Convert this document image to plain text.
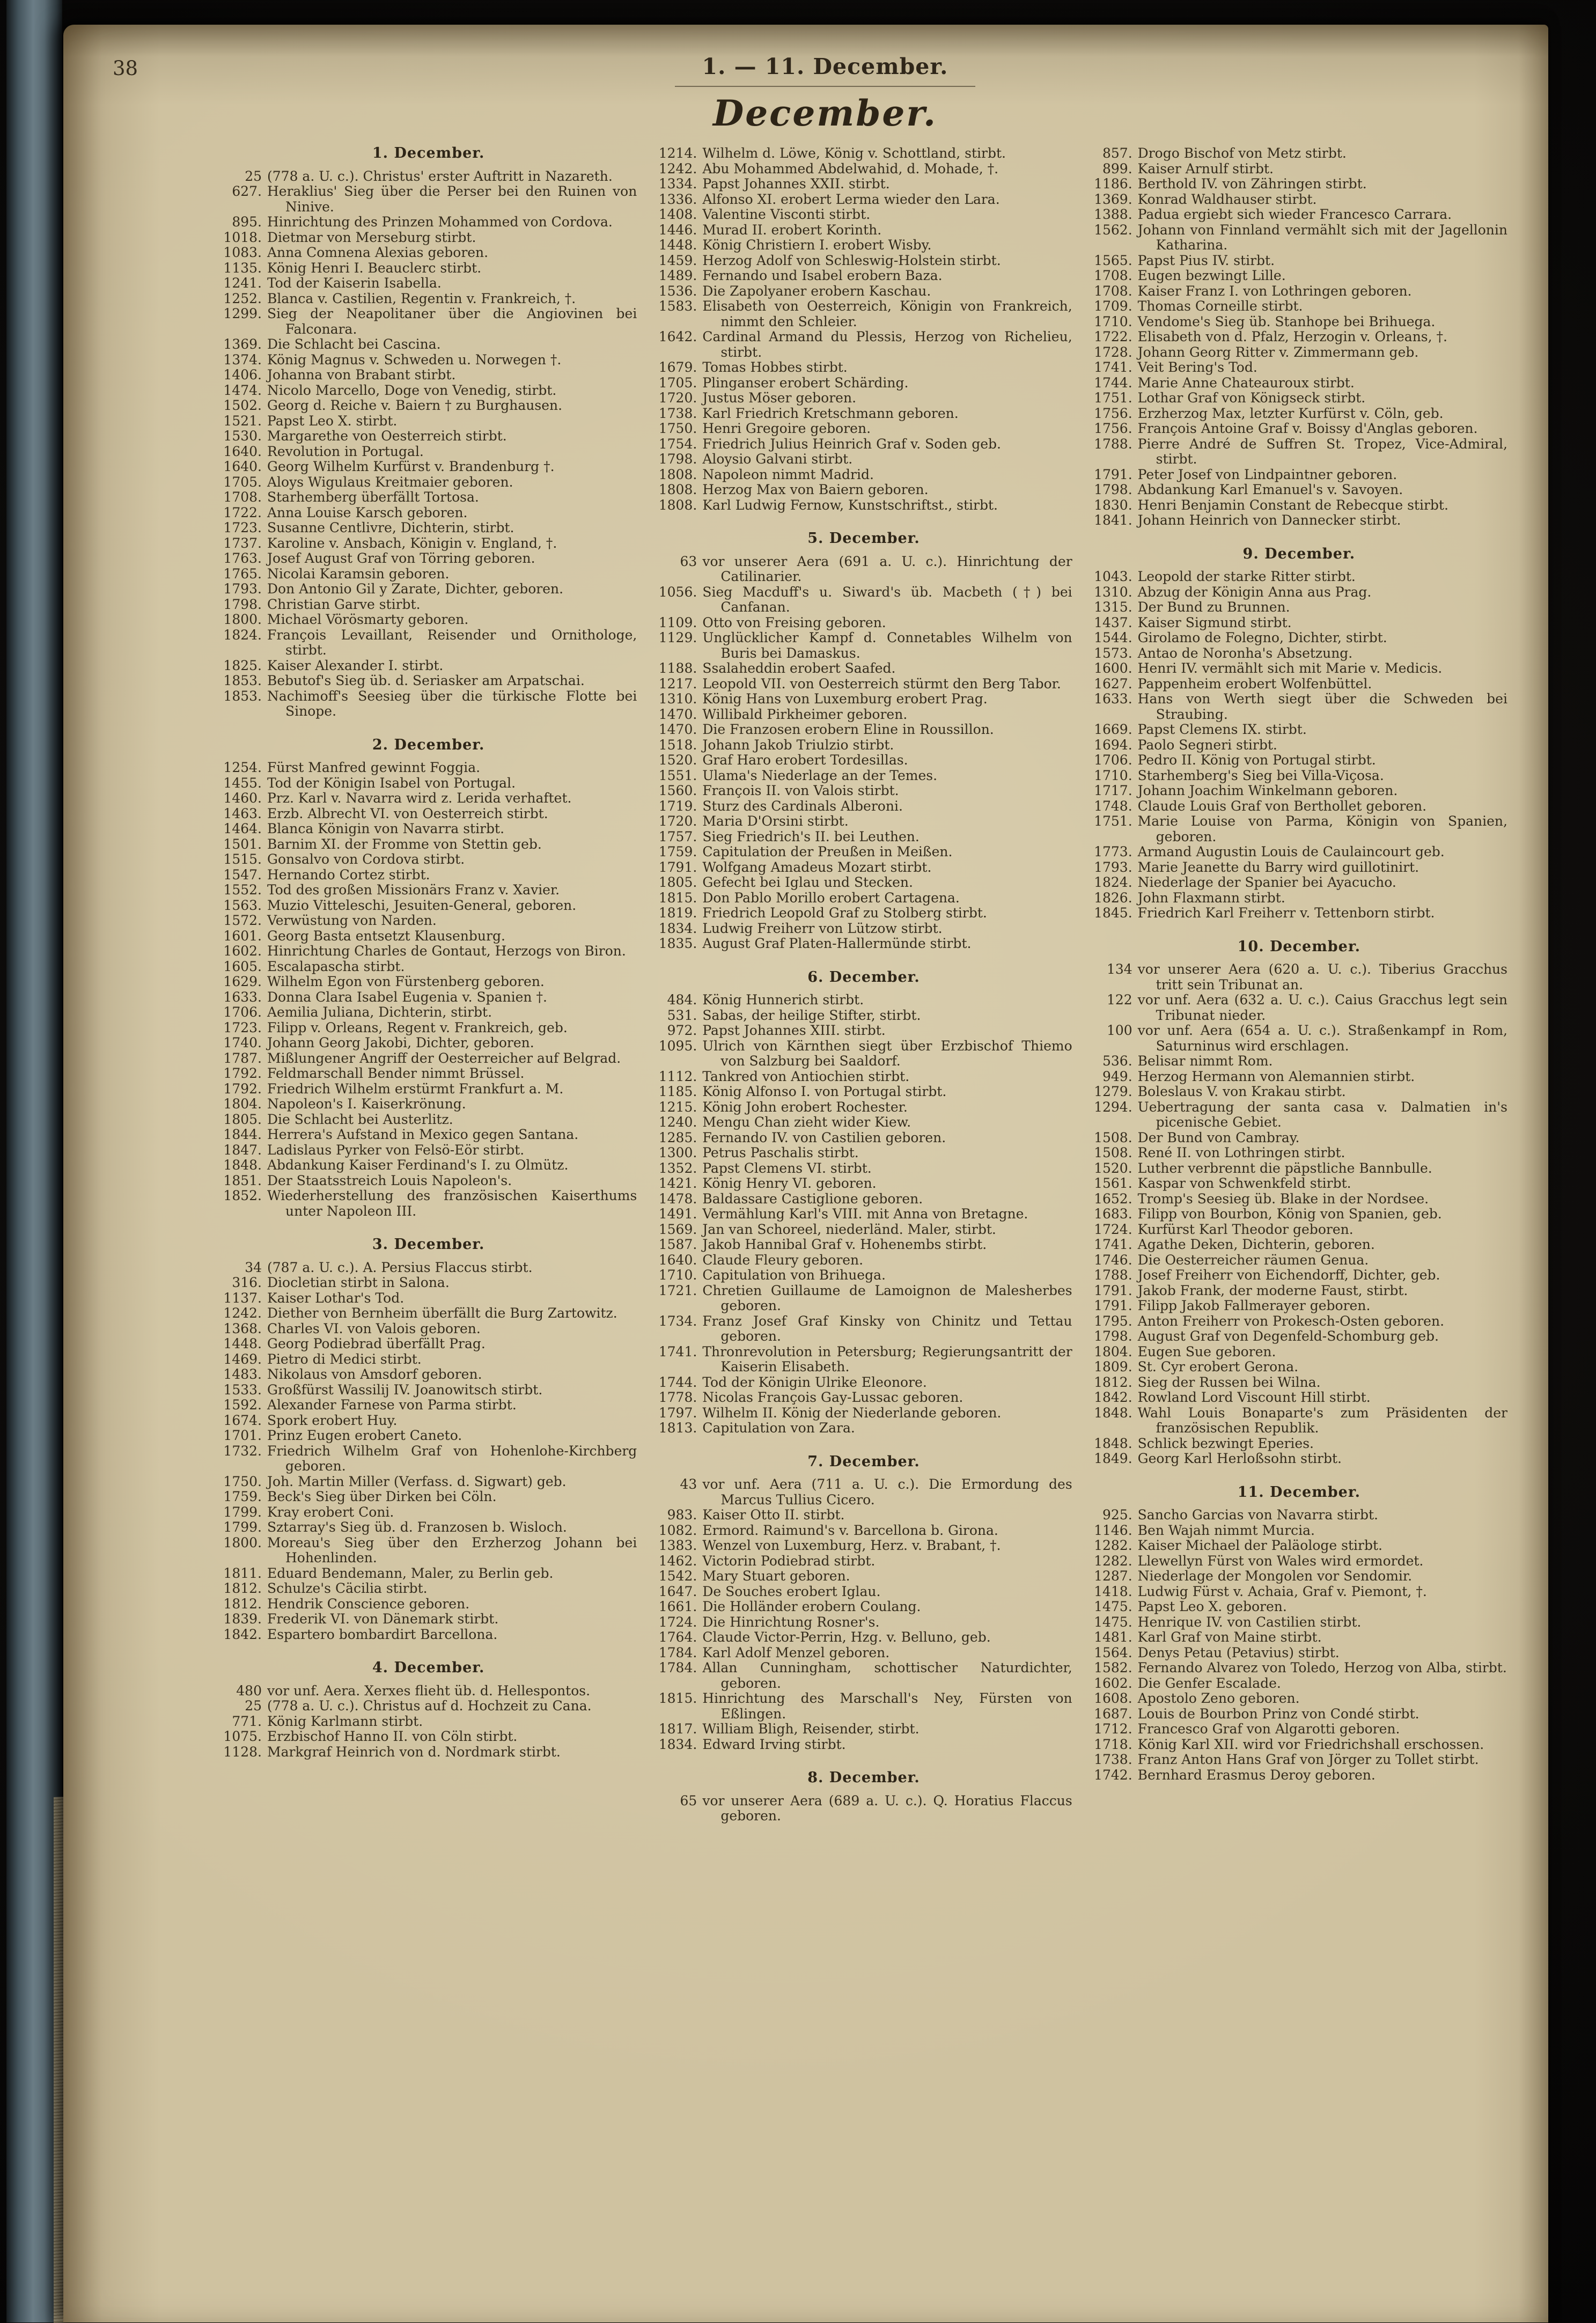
38	1. — 11. December.
December.
1. December.
25 (778 a. U. c.). Christus' erster Auftritt in Nazareth.
627. Heraklius' Sieg über die Perser bei den Ruinen von Ninive.
895. Hinrichtung des Prinzen Mohammed von Cordova.
1018. Dietmar von Merseburg stirbt.
1083. Anna Comnena Alexias geboren.
1135. König Henri I. Beauclerc stirbt.
1241. Tod der Kaiserin Isabella.
1252. Blanca v. Castilien, Regentin v. Frankreich, †.
1299. Sieg der Neapolitaner über die Angiovinen bei Falconara.
1369. Die Schlacht bei Cascina.
1374. König Magnus v. Schweden u. Norwegen †.
1406. Johanna von Brabant stirbt.
1474. Nicolo Marcello, Doge von Venedig, stirbt.
1502. Georg d. Reiche v. Baiern † zu Burghausen.
1521. Papst Leo X. stirbt.
1530. Margarethe von Oesterreich stirbt.
1640. Revolution in Portugal.
1640. Georg Wilhelm Kurfürst v. Brandenburg †.
1705. Aloys Wigulaus Kreitmaier geboren.
1708. Starhemberg überfällt Tortosa.
1722. Anna Louise Karsch geboren.
1723. Susanne Centlivre, Dichterin, stirbt.
1737. Karoline v. Ansbach, Königin v. England, †.
1763. Josef August Graf von Törring geboren.
1765. Nicolai Karamsin geboren.
1793. Don Antonio Gil y Zarate, Dichter, geboren.
1798. Christian Garve stirbt.
1800. Michael Vörösmarty geboren.
1824. François Levaillant, Reisender und Ornithologe, stirbt.
1825. Kaiser Alexander I. stirbt.
1853. Bebutof's Sieg üb. d. Seriasker am Arpatschai.
1853. Nachimoff's Seesieg über die türkische Flotte bei Sinope.
2. December.
1254. Fürst Manfred gewinnt Foggia.
1455. Tod der Königin Isabel von Portugal.
1460. Prz. Karl v. Navarra wird z. Lerida verhaftet.
1463. Erzb. Albrecht VI. von Oesterreich stirbt.
1464. Blanca Königin von Navarra stirbt.
1501. Barnim XI. der Fromme von Stettin geb.
1515. Gonsalvo von Cordova stirbt.
1547. Hernando Cortez stirbt.
1552. Tod des großen Missionärs Franz v. Xavier.
1563. Muzio Vitteleschi, Jesuiten-General, geboren.
1572. Verwüstung von Narden.
1601. Georg Basta entsetzt Klausenburg.
1602. Hinrichtung Charles de Gontaut, Herzogs von Biron.
1605. Escalapascha stirbt.
1629. Wilhelm Egon von Fürstenberg geboren.
1633. Donna Clara Isabel Eugenia v. Spanien †.
1706. Aemilia Juliana, Dichterin, stirbt.
1723. Filipp v. Orleans, Regent v. Frankreich, geb.
1740. Johann Georg Jakobi, Dichter, geboren.
1787. Mißlungener Angriff der Oesterreicher auf Belgrad.
1792. Feldmarschall Bender nimmt Brüssel.
1792. Friedrich Wilhelm erstürmt Frankfurt a. M.
1804. Napoleon's I. Kaiserkrönung.
1805. Die Schlacht bei Austerlitz.
1844. Herrera's Aufstand in Mexico gegen Santana.
1847. Ladislaus Pyrker von Felsö-Eör stirbt.
1848. Abdankung Kaiser Ferdinand's I. zu Olmütz.
1851. Der Staatsstreich Louis Napoleon's.
1852. Wiederherstellung des französischen Kaiserthums unter Napoleon III.
3. December.
34 (787 a. U. c.). A. Persius Flaccus stirbt.
316. Diocletian stirbt in Salona.
1137. Kaiser Lothar's Tod.
1242. Diether von Bernheim überfällt die Burg Zartowitz.
1368. Charles VI. von Valois geboren.
1448. Georg Podiebrad überfällt Prag.
1469. Pietro di Medici stirbt.
1483. Nikolaus von Amsdorf geboren.
1533. Großfürst Wassilij IV. Joanowitsch stirbt.
1592. Alexander Farnese von Parma stirbt.
1674. Spork erobert Huy.
1701. Prinz Eugen erobert Caneto.
1732. Friedrich Wilhelm Graf von Hohenlohe-Kirchberg geboren.
1750. Joh. Martin Miller (Verfass. d. Sigwart) geb.
1759. Beck's Sieg über Dirken bei Cöln.
1799. Kray erobert Coni.
1799. Sztarray's Sieg üb. d. Franzosen b. Wisloch.
1800. Moreau's Sieg über den Erzherzog Johann bei Hohenlinden.
1811. Eduard Bendemann, Maler, zu Berlin geb.
1812. Schulze's Cäcilia stirbt.
1812. Hendrik Conscience geboren.
1839. Frederik VI. von Dänemark stirbt.
1842. Espartero bombardirt Barcellona.
4. December.
480 vor unf. Aera. Xerxes flieht üb. d. Hellespontos.
25 (778 a. U. c.). Christus auf d. Hochzeit zu Cana.
771. König Karlmann stirbt.
1075. Erzbischof Hanno II. von Cöln stirbt.
1128. Markgraf Heinrich von d. Nordmark stirbt.
1214. Wilhelm d. Löwe, König v. Schottland, stirbt.
1242. Abu Mohammed Abdelwahid, d. Mohade, †.
1334. Papst Johannes XXII. stirbt.
1336. Alfonso XI. erobert Lerma wieder den Lara.
1408. Valentine Visconti stirbt.
1446. Murad II. erobert Korinth.
1448. König Christiern I. erobert Wisby.
1459. Herzog Adolf von Schleswig-Holstein stirbt.
1489. Fernando und Isabel erobern Baza.
1536. Die Zapolyaner erobern Kaschau.
1583. Elisabeth von Oesterreich, Königin von Frankreich, nimmt den Schleier.
1642. Cardinal Armand du Plessis, Herzog von Richelieu, stirbt.
1679. Tomas Hobbes stirbt.
1705. Plinganser erobert Schärding.
1720. Justus Möser geboren.
1738. Karl Friedrich Kretschmann geboren.
1750. Henri Gregoire geboren.
1754. Friedrich Julius Heinrich Graf v. Soden geb.
1798. Aloysio Galvani stirbt.
1808. Napoleon nimmt Madrid.
1808. Herzog Max von Baiern geboren.
1808. Karl Ludwig Fernow, Kunstschriftst., stirbt.
5. December.
63 vor unserer Aera (691 a. U. c.). Hinrichtung der Catilinarier.
1056. Sieg Macduff's u. Siward's üb. Macbeth (†) bei Canfanan.
1109. Otto von Freising geboren.
1129. Unglücklicher Kampf d. Connetables Wilhelm von Buris bei Damaskus.
1188. Ssalaheddin erobert Saafed.
1217. Leopold VII. von Oesterreich stürmt den Berg Tabor.
1310. König Hans von Luxemburg erobert Prag.
1470. Willibald Pirkheimer geboren.
1470. Die Franzosen erobern Eline in Roussillon.
1518. Johann Jakob Triulzio stirbt.
1520. Graf Haro erobert Tordesillas.
1551. Ulama's Niederlage an der Temes.
1560. François II. von Valois stirbt.
1719. Sturz des Cardinals Alberoni.
1720. Maria D'Orsini stirbt.
1757. Sieg Friedrich's II. bei Leuthen.
1759. Capitulation der Preußen in Meißen.
1791. Wolfgang Amadeus Mozart stirbt.
1805. Gefecht bei Iglau und Stecken.
1815. Don Pablo Morillo erobert Cartagena.
1819. Friedrich Leopold Graf zu Stolberg stirbt.
1834. Ludwig Freiherr von Lützow stirbt.
1835. August Graf Platen-Hallermünde stirbt.
6. December.
484. König Hunnerich stirbt.
531. Sabas, der heilige Stifter, stirbt.
972. Papst Johannes XIII. stirbt.
1095. Ulrich von Kärnthen siegt über Erzbischof Thiemo von Salzburg bei Saaldorf.
1112. Tankred von Antiochien stirbt.
1185. König Alfonso I. von Portugal stirbt.
1215. König John erobert Rochester.
1240. Mengu Chan zieht wider Kiew.
1285. Fernando IV. von Castilien geboren.
1300. Petrus Paschalis stirbt.
1352. Papst Clemens VI. stirbt.
1421. König Henry VI. geboren.
1478. Baldassare Castiglione geboren.
1491. Vermählung Karl's VIII. mit Anna von Bretagne.
1569. Jan van Schoreel, niederländ. Maler, stirbt.
1587. Jakob Hannibal Graf v. Hohenembs stirbt.
1640. Claude Fleury geboren.
1710. Capitulation von Brihuega.
1721. Chretien Guillaume de Lamoignon de Malesherbes geboren.
1734. Franz Josef Graf Kinsky von Chinitz und Tettau geboren.
1741. Thronrevolution in Petersburg; Regierungsantritt der Kaiserin Elisabeth.
1744. Tod der Königin Ulrike Eleonore.
1778. Nicolas François Gay-Lussac geboren.
1797. Wilhelm II. König der Niederlande geboren.
1813. Capitulation von Zara.
7. December.
43 vor unf. Aera (711 a. U. c.). Die Ermordung des Marcus Tullius Cicero.
983. Kaiser Otto II. stirbt.
1082. Ermord. Raimund's v. Barcellona b. Girona.
1383. Wenzel von Luxemburg, Herz. v. Brabant, †.
1462. Victorin Podiebrad stirbt.
1542. Mary Stuart geboren.
1647. De Souches erobert Iglau.
1661. Die Holländer erobern Coulang.
1724. Die Hinrichtung Rosner's.
1764. Claude Victor-Perrin, Hzg. v. Belluno, geb.
1784. Karl Adolf Menzel geboren.
1784. Allan Cunningham, schottischer Naturdichter, geboren.
1815. Hinrichtung des Marschall's Ney, Fürsten von Eßlingen.
1817. William Bligh, Reisender, stirbt.
1834. Edward Irving stirbt.
8. December.
65 vor unserer Aera (689 a. U. c.). Q. Horatius Flaccus geboren.
857. Drogo Bischof von Metz stirbt.
899. Kaiser Arnulf stirbt.
1186. Berthold IV. von Zähringen stirbt.
1369. Konrad Waldhauser stirbt.
1388. Padua ergiebt sich wieder Francesco Carrara.
1562. Johann von Finnland vermählt sich mit der Jagellonin Katharina.
1565. Papst Pius IV. stirbt.
1708. Eugen bezwingt Lille.
1708. Kaiser Franz I. von Lothringen geboren.
1709. Thomas Corneille stirbt.
1710. Vendome's Sieg üb. Stanhope bei Brihuega.
1722. Elisabeth von d. Pfalz, Herzogin v. Orleans, †.
1728. Johann Georg Ritter v. Zimmermann geb.
1741. Veit Bering's Tod.
1744. Marie Anne Chateauroux stirbt.
1751. Lothar Graf von Königseck stirbt.
1756. Erzherzog Max, letzter Kurfürst v. Cöln, geb.
1756. François Antoine Graf v. Boissy d'Anglas geboren.
1788. Pierre André de Suffren St. Tropez, Vice-Admiral, stirbt.
1791. Peter Josef von Lindpaintner geboren.
1798. Abdankung Karl Emanuel's v. Savoyen.
1830. Henri Benjamin Constant de Rebecque stirbt.
1841. Johann Heinrich von Dannecker stirbt.
9. December.
1043. Leopold der starke Ritter stirbt.
1310. Abzug der Königin Anna aus Prag.
1315. Der Bund zu Brunnen.
1437. Kaiser Sigmund stirbt.
1544. Girolamo de Folegno, Dichter, stirbt.
1573. Antao de Noronha's Absetzung.
1600. Henri IV. vermählt sich mit Marie v. Medicis.
1627. Pappenheim erobert Wolfenbüttel.
1633. Hans von Werth siegt über die Schweden bei Straubing.
1669. Papst Clemens IX. stirbt.
1694. Paolo Segneri stirbt.
1706. Pedro II. König von Portugal stirbt.
1710. Starhemberg's Sieg bei Villa-Viçosa.
1717. Johann Joachim Winkelmann geboren.
1748. Claude Louis Graf von Berthollet geboren.
1751. Marie Louise von Parma, Königin von Spanien, geboren.
1773. Armand Augustin Louis de Caulaincourt geb.
1793. Marie Jeanette du Barry wird guillotinirt.
1824. Niederlage der Spanier bei Ayacucho.
1826. John Flaxmann stirbt.
1845. Friedrich Karl Freiherr v. Tettenborn stirbt.
10. December.
134 vor unserer Aera (620 a. U. c.). Tiberius Gracchus tritt sein Tribunat an.
122 vor unf. Aera (632 a. U. c.). Caius Gracchus legt sein Tribunat nieder.
100 vor unf. Aera (654 a. U. c.). Straßenkampf in Rom, Saturninus wird erschlagen.
536. Belisar nimmt Rom.
949. Herzog Hermann von Alemannien stirbt.
1279. Boleslaus V. von Krakau stirbt.
1294. Uebertragung der santa casa v. Dalmatien in's picenische Gebiet.
1508. Der Bund von Cambray.
1508. René II. von Lothringen stirbt.
1520. Luther verbrennt die päpstliche Bannbulle.
1561. Kaspar von Schwenkfeld stirbt.
1652. Tromp's Seesieg üb. Blake in der Nordsee.
1683. Filipp von Bourbon, König von Spanien, geb.
1724. Kurfürst Karl Theodor geboren.
1741. Agathe Deken, Dichterin, geboren.
1746. Die Oesterreicher räumen Genua.
1788. Josef Freiherr von Eichendorff, Dichter, geb.
1791. Jakob Frank, der moderne Faust, stirbt.
1791. Filipp Jakob Fallmerayer geboren.
1795. Anton Freiherr von Prokesch-Osten geboren.
1798. August Graf von Degenfeld-Schomburg geb.
1804. Eugen Sue geboren.
1809. St. Cyr erobert Gerona.
1812. Sieg der Russen bei Wilna.
1842. Rowland Lord Viscount Hill stirbt.
1848. Wahl Louis Bonaparte's zum Präsidenten der französischen Republik.
1848. Schlick bezwingt Eperies.
1849. Georg Karl Herloßsohn stirbt.
11. December.
925. Sancho Garcias von Navarra stirbt.
1146. Ben Wajah nimmt Murcia.
1282. Kaiser Michael der Paläologe stirbt.
1282. Llewellyn Fürst von Wales wird ermordet.
1287. Niederlage der Mongolen vor Sendomir.
1418. Ludwig Fürst v. Achaia, Graf v. Piemont, †.
1475. Papst Leo X. geboren.
1475. Henrique IV. von Castilien stirbt.
1481. Karl Graf von Maine stirbt.
1564. Denys Petau (Petavius) stirbt.
1582. Fernando Alvarez von Toledo, Herzog von Alba, stirbt.
1602. Die Genfer Escalade.
1608. Apostolo Zeno geboren.
1687. Louis de Bourbon Prinz von Condé stirbt.
1712. Francesco Graf von Algarotti geboren.
1718. König Karl XII. wird vor Friedrichshall erschossen.
1738. Franz Anton Hans Graf von Jörger zu Tollet stirbt.
1742. Bernhard Erasmus Deroy geboren.
